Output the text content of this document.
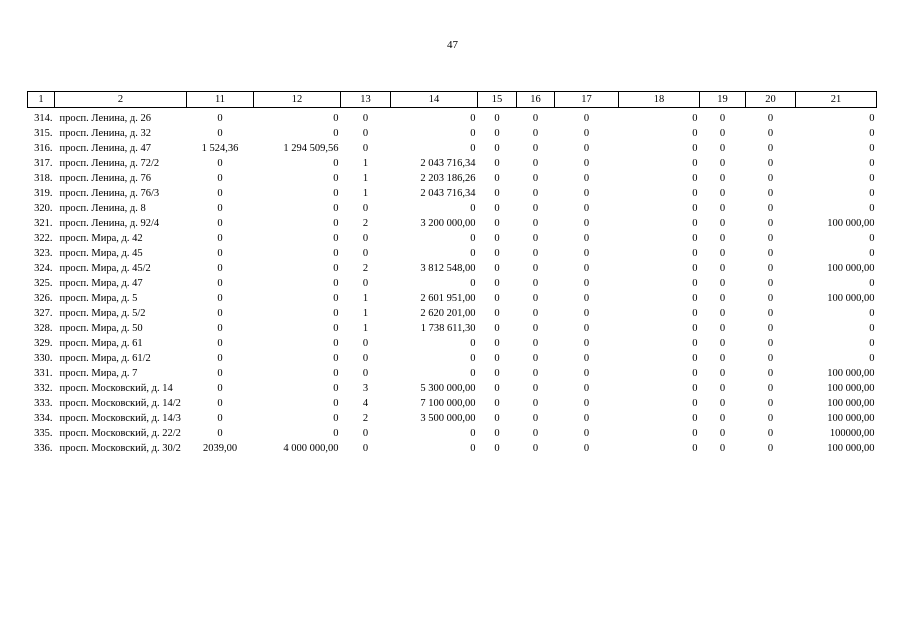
47
1	2	11	12	13	14	15	16	17	18	19	20	21
314.	просп. Ленина, д. 26	0	0	0	0	0	0	0	0	0	0	0
315.	просп. Ленина, д. 32	0	0	0	0	0	0	0	0	0	0	0
316.	просп. Ленина, д. 47	1 524,36	1 294 509,56	0	0	0	0	0	0	0	0	0
317.	просп. Ленина, д. 72/2	0	0	1	2 043 716,34	0	0	0	0	0	0	0
318.	просп. Ленина, д. 76	0	0	1	2 203 186,26	0	0	0	0	0	0	0
319.	просп. Ленина, д. 76/3	0	0	1	2 043 716,34	0	0	0	0	0	0	0
320.	просп. Ленина, д. 8	0	0	0	0	0	0	0	0	0	0	0
321.	просп. Ленина, д. 92/4	0	0	2	3 200 000,00	0	0	0	0	0	0	100 000,00
322.	просп. Мира, д. 42	0	0	0	0	0	0	0	0	0	0	0
323.	просп. Мира, д. 45	0	0	0	0	0	0	0	0	0	0	0
324.	просп. Мира, д. 45/2	0	0	2	3 812 548,00	0	0	0	0	0	0	100 000,00
325.	просп. Мира, д. 47	0	0	0	0	0	0	0	0	0	0	0
326.	просп. Мира, д. 5	0	0	1	2 601 951,00	0	0	0	0	0	0	100 000,00
327.	просп. Мира, д. 5/2	0	0	1	2 620 201,00	0	0	0	0	0	0	0
328.	просп. Мира, д. 50	0	0	1	1 738 611,30	0	0	0	0	0	0	0
329.	просп. Мира, д. 61	0	0	0	0	0	0	0	0	0	0	0
330.	просп. Мира, д. 61/2	0	0	0	0	0	0	0	0	0	0	0
331.	просп. Мира, д. 7	0	0	0	0	0	0	0	0	0	0	100 000,00
332.	просп. Московский, д. 14	0	0	3	5 300 000,00	0	0	0	0	0	0	100 000,00
333.	просп. Московский, д. 14/2	0	0	4	7 100 000,00	0	0	0	0	0	0	100 000,00
334.	просп. Московский, д. 14/3	0	0	2	3 500 000,00	0	0	0	0	0	0	100 000,00
335.	просп. Московский, д. 22/2	0	0	0	0	0	0	0	0	0	0	100000,00
336.	просп. Московский, д. 30/2	2039,00	4 000 000,00	0	0	0	0	0	0	0	0	100 000,00
